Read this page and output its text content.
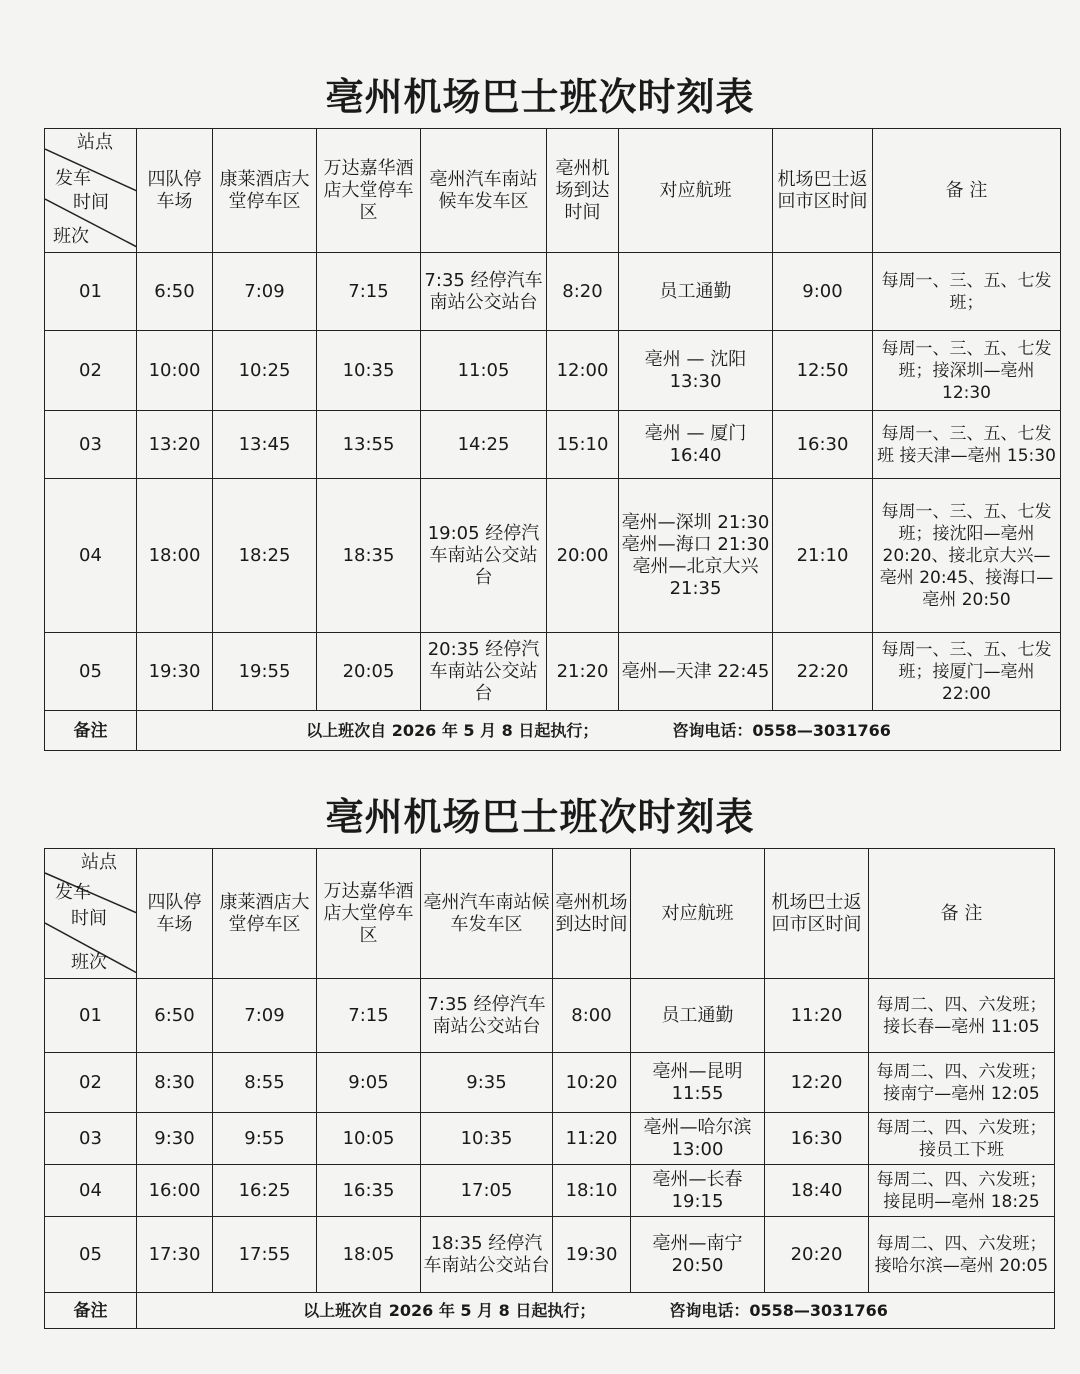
亳州机场巴士班次时刻表
站点
发车
时间
班次	四队停车场	康莱酒店大堂停车区	万达嘉华酒店大堂停车区	亳州汽车南站候车发车区	亳州机场到达时间	对应航班	机场巴士返回市区时间	备 注
01	6:50	7:09	7:15	7:35 经停汽车南站公交站台	8:20	员工通勤	9:00	每周一、三、五、七发班；
02	10:00	10:25	10:35	11:05	12:00	亳州 — 沈阳 13:30	12:50	每周一、三、五、七发班；接深圳—亳州 12:30
03	13:20	13:45	13:55	14:25	15:10	亳州 — 厦门 16:40	16:30	每周一、三、五、七发班 接天津—亳州 15:30
04	18:00	18:25	18:35	19:05 经停汽车南站公交站台	20:00	亳州—深圳 21:30 亳州—海口 21:30 亳州—北京大兴 21:35	21:10	每周一、三、五、七发班；接沈阳—亳州 20:20、接北京大兴—亳州 20:45、接海口—亳州 20:50
05	19:30	19:55	20:05	20:35 经停汽车南站公交站台	21:20	亳州—天津 22:45	22:20	每周一、三、五、七发班；接厦门—亳州 22:00
备注	以上班次自 2026 年 5 月 8 日起执行； 咨询电话：0558—3031766							
亳州机场巴士班次时刻表
站点
发车
时间
班次	四队停车场	康莱酒店大堂停车区	万达嘉华酒店大堂停车区	亳州汽车南站候车发车区	亳州机场到达时间	对应航班	机场巴士返回市区时间	备 注
01	6:50	7:09	7:15	7:35 经停汽车南站公交站台	8:00	员工通勤	11:20	每周二、四、六发班；接长春—亳州 11:05
02	8:30	8:55	9:05	9:35	10:20	亳州—昆明 11:55	12:20	每周二、四、六发班；接南宁—亳州 12:05
03	9:30	9:55	10:05	10:35	11:20	亳州—哈尔滨 13:00	16:30	每周二、四、六发班；接员工下班
04	16:00	16:25	16:35	17:05	18:10	亳州—长春 19:15	18:40	每周二、四、六发班；接昆明—亳州 18:25
05	17:30	17:55	18:05	18:35 经停汽车南站公交站台	19:30	亳州—南宁 20:50	20:20	每周二、四、六发班；接哈尔滨—亳州 20:05
备注	以上班次自 2026 年 5 月 8 日起执行； 咨询电话：0558—3031766							
